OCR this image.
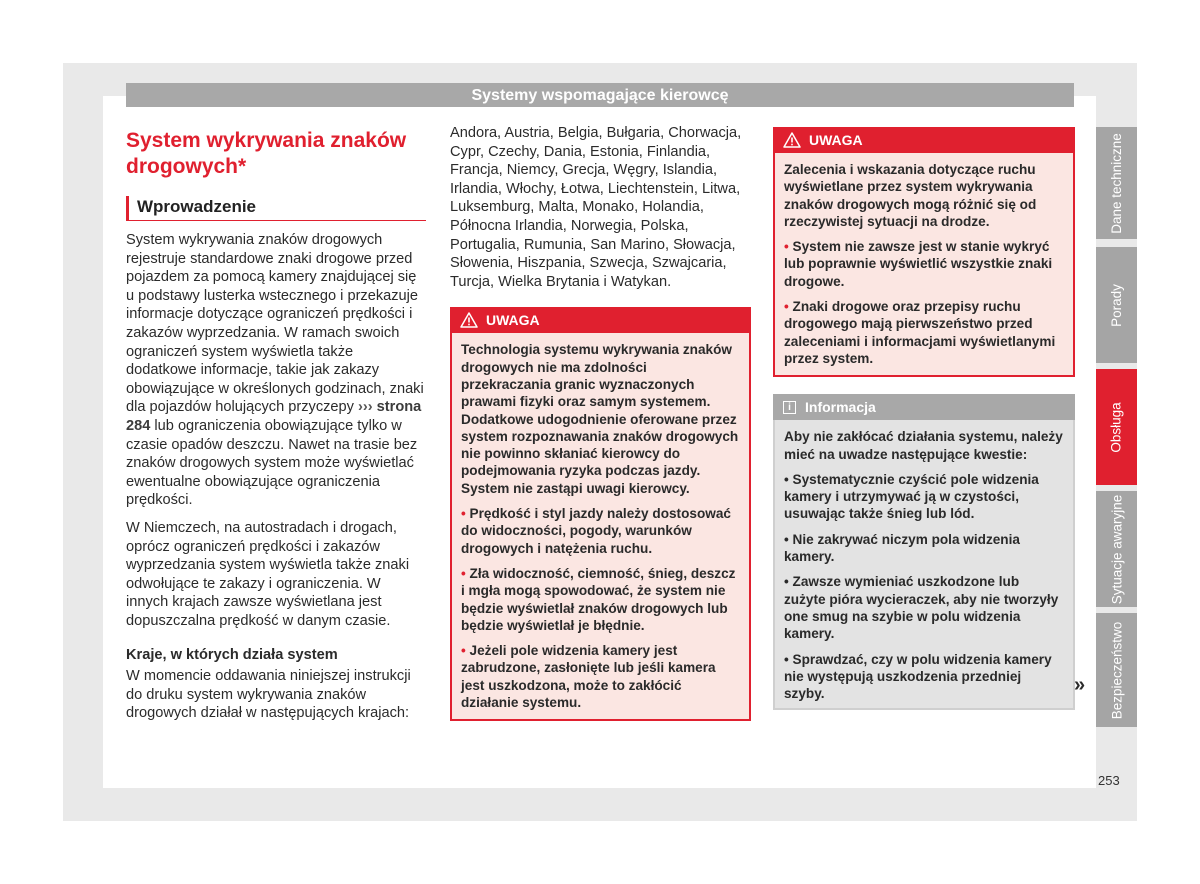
Systemy wspomagające kierowcę
System wykrywania znaków drogowych*
Wprowadzenie

System wykrywania znaków drogowych rejestruje standardowe znaki drogowe przed pojazdem za pomocą kamery znajdującej się u podstawy lusterka wstecznego i przekazuje informacje dotyczące ograniczeń prędkości i zakazów wyprzedzania. W ramach swoich ograniczeń system wyświetla także dodatkowe informacje, takie jak zakazy obowiązujące w określonych godzinach, znaki dla pojazdów holujących przyczepy ››› strona 284 lub ograniczenia obowiązujące tylko w czasie opadów deszczu. Nawet na trasie bez znaków drogowych system może wyświetlać ewentualne obowiązujące ograniczenia prędkości.

W Niemczech, na autostradach i drogach, oprócz ograniczeń prędkości i zakazów wyprzedzania system wyświetla także znaki odwołujące te zakazy i ograniczenia. W innych krajach zawsze wyświetlana jest dopuszczalna prędkość w danym czasie.

Kraje, w których działa system

W momencie oddawania niniejszej instrukcji do druku system wykrywania znaków drogowych działał w następujących krajach:

Andora, Austria, Belgia, Bułgaria, Chorwacja, Cypr, Czechy, Dania, Estonia, Finlandia, Francja, Niemcy, Grecja, Węgry, Islandia, Irlandia, Włochy, Łotwa, Liechtenstein, Litwa, Luksemburg, Malta, Monako, Holandia, Północna Irlandia, Norwegia, Polska, Portugalia, Rumunia, San Marino, Słowacja, Słowenia, Hiszpania, Szwecja, Szwajcaria, Turcja, Wielka Brytania i Watykan.

UWAGA

Technologia systemu wykrywania znaków drogowych nie ma zdolności przekraczania granic wyznaczonych prawami fizyki oraz samym systemem. Dodatkowe udogodnienie oferowane przez system rozpoznawania znaków drogowych nie powinno skłaniać kierowcy do podejmowania ryzyka podczas jazdy. System nie zastąpi uwagi kierowcy.

• Prędkość i styl jazdy należy dostosować do widoczności, pogody, warunków drogowych i natężenia ruchu.

• Zła widoczność, ciemność, śnieg, deszcz i mgła mogą spowodować, że system nie będzie wyświetlał znaków drogowych lub będzie wyświetlał je błędnie.

• Jeżeli pole widzenia kamery jest zabrudzone, zasłonięte lub jeśli kamera jest uszkodzona, może to zakłócić działanie systemu.

UWAGA

Zalecenia i wskazania dotyczące ruchu wyświetlane przez system wykrywania znaków drogowych mogą różnić się od rzeczywistej sytuacji na drodze.

• System nie zawsze jest w stanie wykryć lub poprawnie wyświetlić wszystkie znaki drogowe.

• Znaki drogowe oraz przepisy ruchu drogowego mają pierwszeństwo przed zaleceniami i informacjami wyświetlanymi przez system.

i	Informacja

Aby nie zakłócać działania systemu, należy mieć na uwadze następujące kwestie:

• Systematycznie czyścić pole widzenia kamery i utrzymywać ją w czystości, usuwając także śnieg lub lód.

• Nie zakrywać niczym pola widzenia kamery.

• Zawsze wymieniać uszkodzone lub zużyte pióra wycieraczek, aby nie tworzyły one smug na szybie w polu widzenia kamery.

• Sprawdzać, czy w polu widzenia kamery nie występują uszkodzenia przedniej szyby.	»
Dane techniczne
Porady
Obsługa
Sytuacje awaryjne
Bezpieczeństwo
253
